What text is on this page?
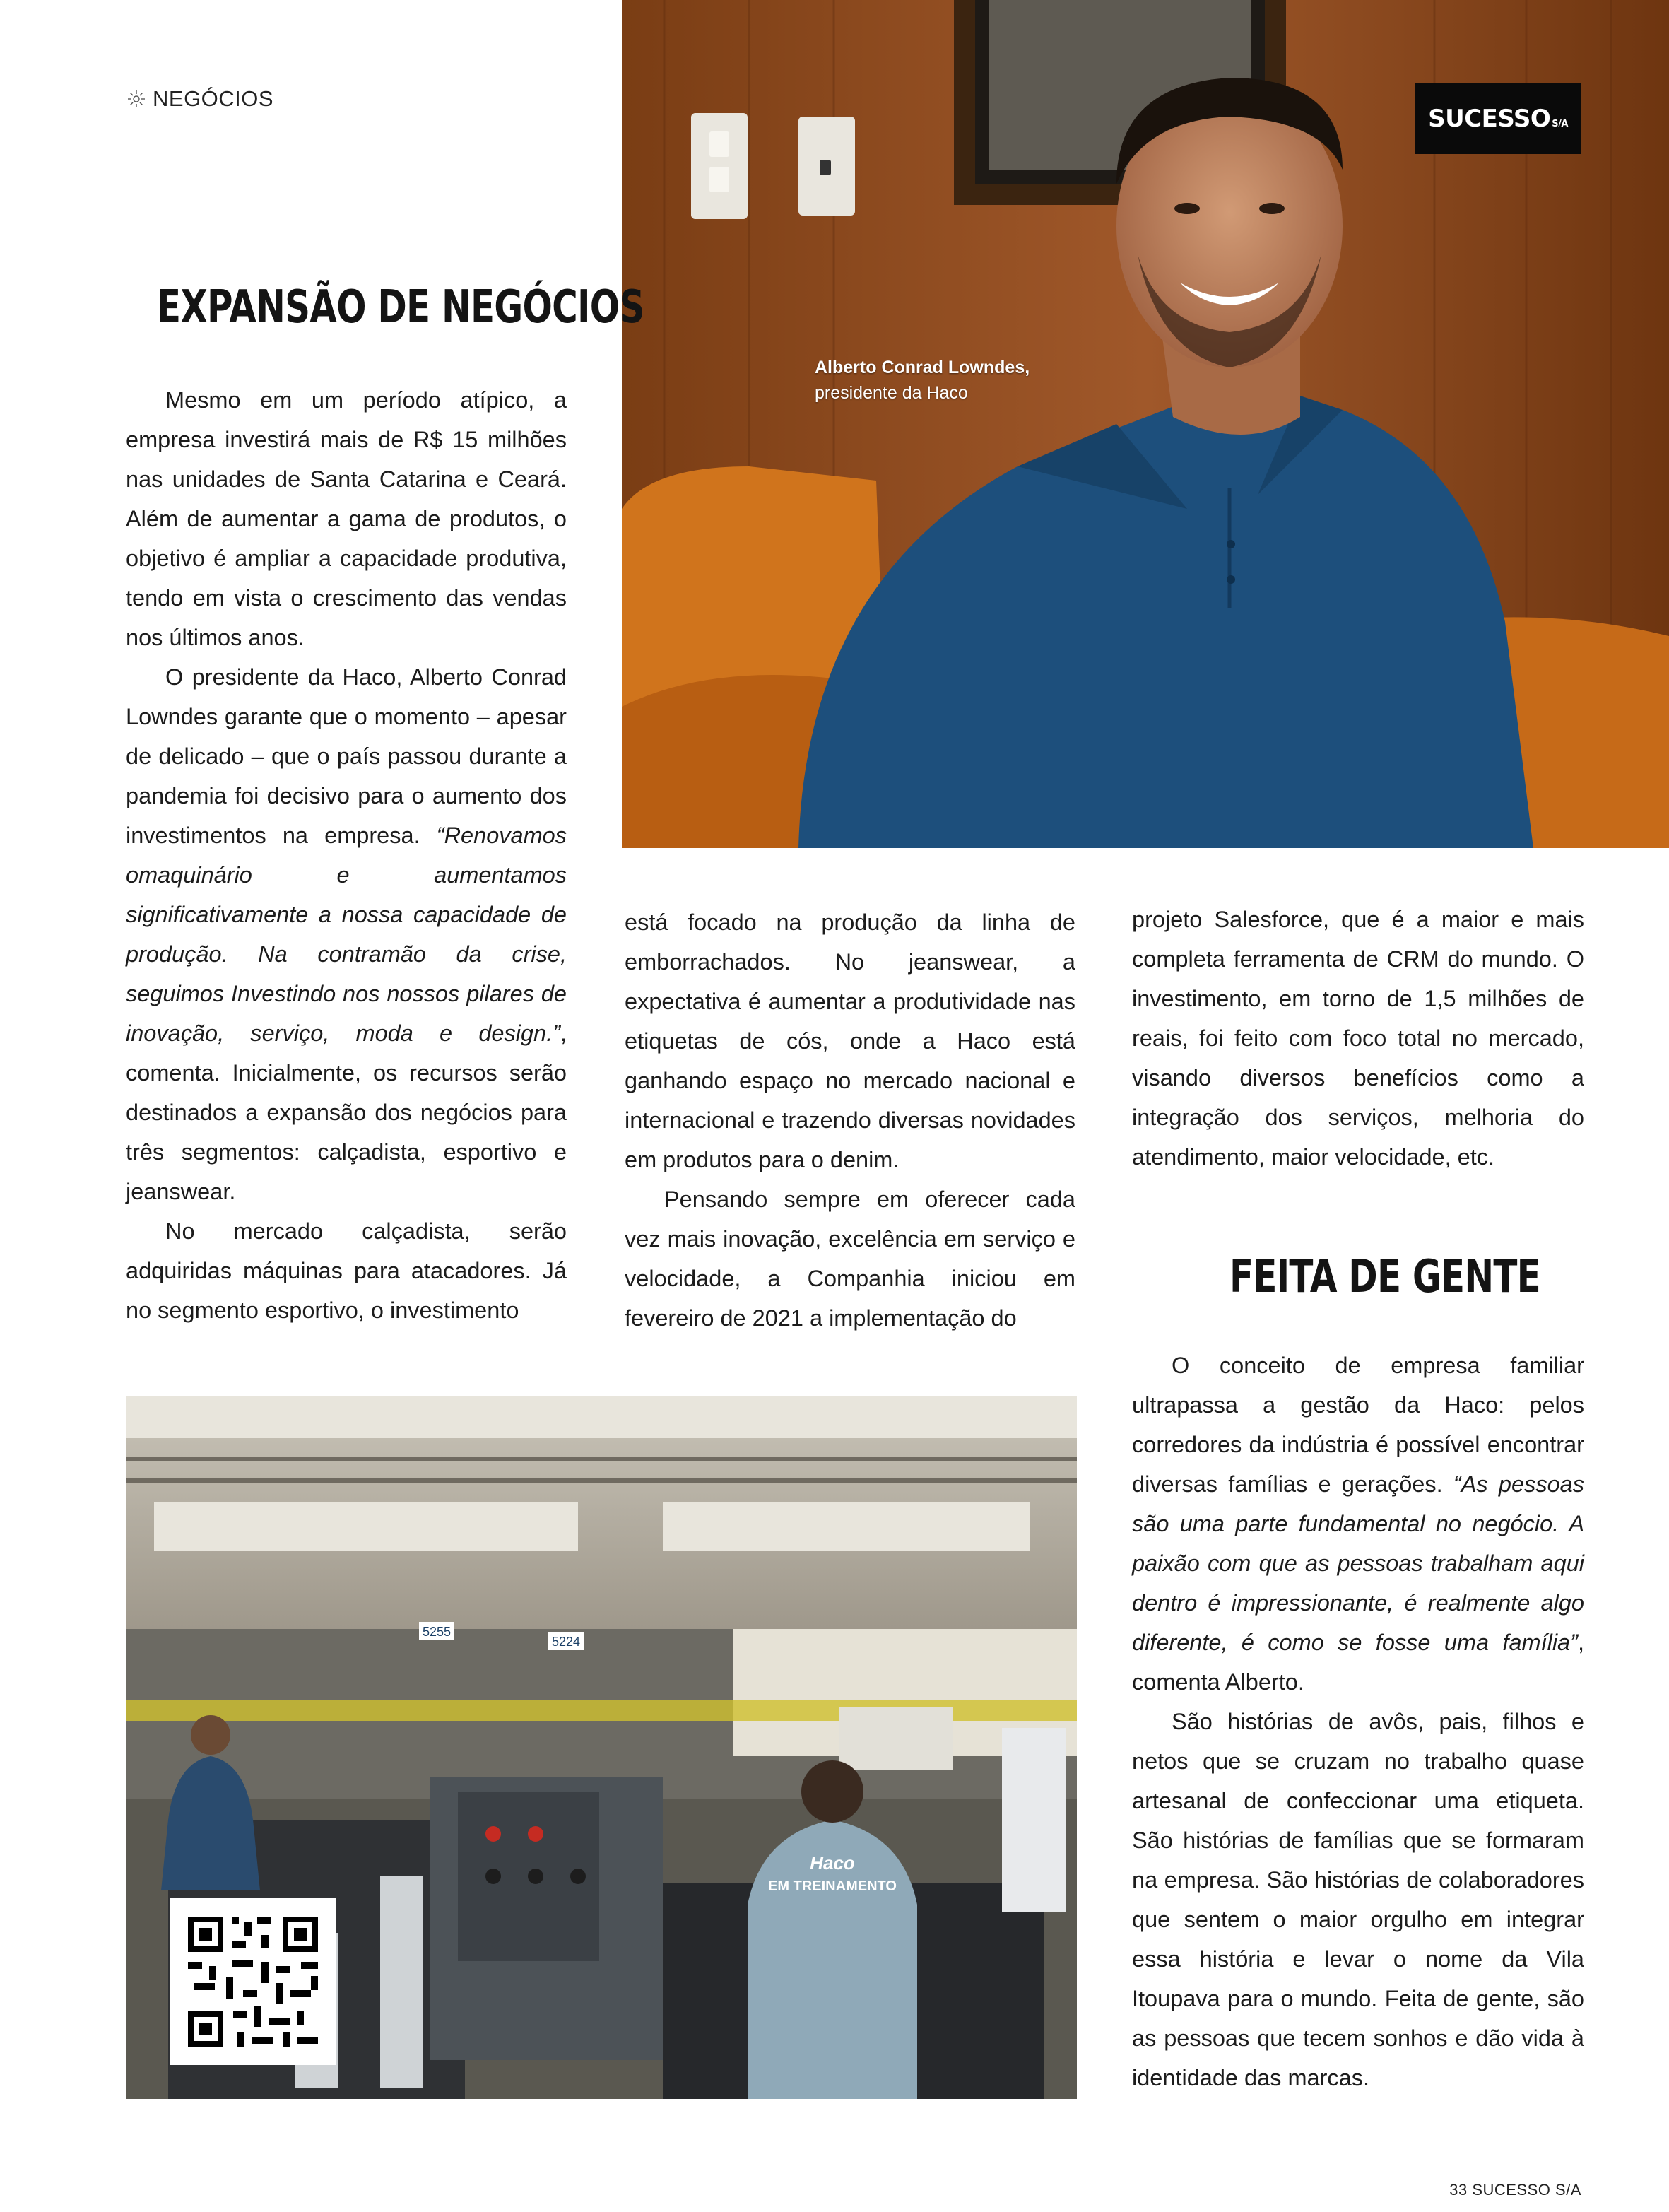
NEGÓCIOS
SUCESSO S/A
Alberto Conrad Lowndes,
presidente da Haco
EXPANSÃO DE NEGÓCIOS

Mesmo em um período atípico, a empresa investirá mais de R$ 15 milhões nas unidades de Santa Catarina e Ceará. Além de aumentar a gama de produtos, o objetivo é ampliar a capacidade produtiva, tendo em vista o crescimento das vendas nos últimos anos.

O presidente da Haco, Alberto Conrad Lowndes garante que o momento – apesar de delicado – que o país passou durante a pandemia foi decisivo para o aumento dos investimentos na empresa. “Renovamos omaquinário e aumentamos significativamente a nossa capacidade de produção. Na contramão da crise, seguimos Investindo nos nossos pilares de inovação, serviço, moda e design.”, comenta. Inicialmente, os recursos serão destinados a expansão dos negócios para três segmentos: calçadista, esportivo e jeanswear.

No mercado calçadista, serão adquiridas máquinas para atacadores. Já no segmento esportivo, o investimento

está focado na produção da linha de emborrachados. No jeanswear, a expectativa é aumentar a produtividade nas etiquetas de cós, onde a Haco está ganhando espaço no mercado nacional e internacional e trazendo diversas novidades em produtos para o denim.

Pensando sempre em oferecer cada vez mais inovação, excelência em serviço e velocidade, a Companhia iniciou em fevereiro de 2021 a implementação do

projeto Salesforce, que é a maior e mais completa ferramenta de CRM do mundo. O investimento, em torno de 1,5 milhões de reais, foi feito com foco total no mercado, visando diversos benefícios como a integração dos serviços, melhoria do atendimento, maior velocidade, etc.

FEITA DE GENTE

O conceito de empresa familiar ultrapassa a gestão da Haco: pelos corredores da indústria é possível encontrar diversas famílias e gerações. “As pessoas são uma parte fundamental no negócio. A paixão com que as pessoas trabalham aqui dentro é impressionante, é realmente algo diferente, é como se fosse uma família”, comenta Alberto.

São histórias de avôs, pais, filhos e netos que se cruzam no trabalho quase artesanal de confeccionar uma etiqueta. São histórias de famílias que se formaram na empresa. São histórias de colaboradores que sentem o maior orgulho em integrar essa história e levar o nome da Vila Itoupava para o mundo. Feita de gente, são as pessoas que tecem sonhos e dão vida à identidade das marcas.

5255
5224
Haco
EM TREINAMENTO
33 SUCESSO S/A
